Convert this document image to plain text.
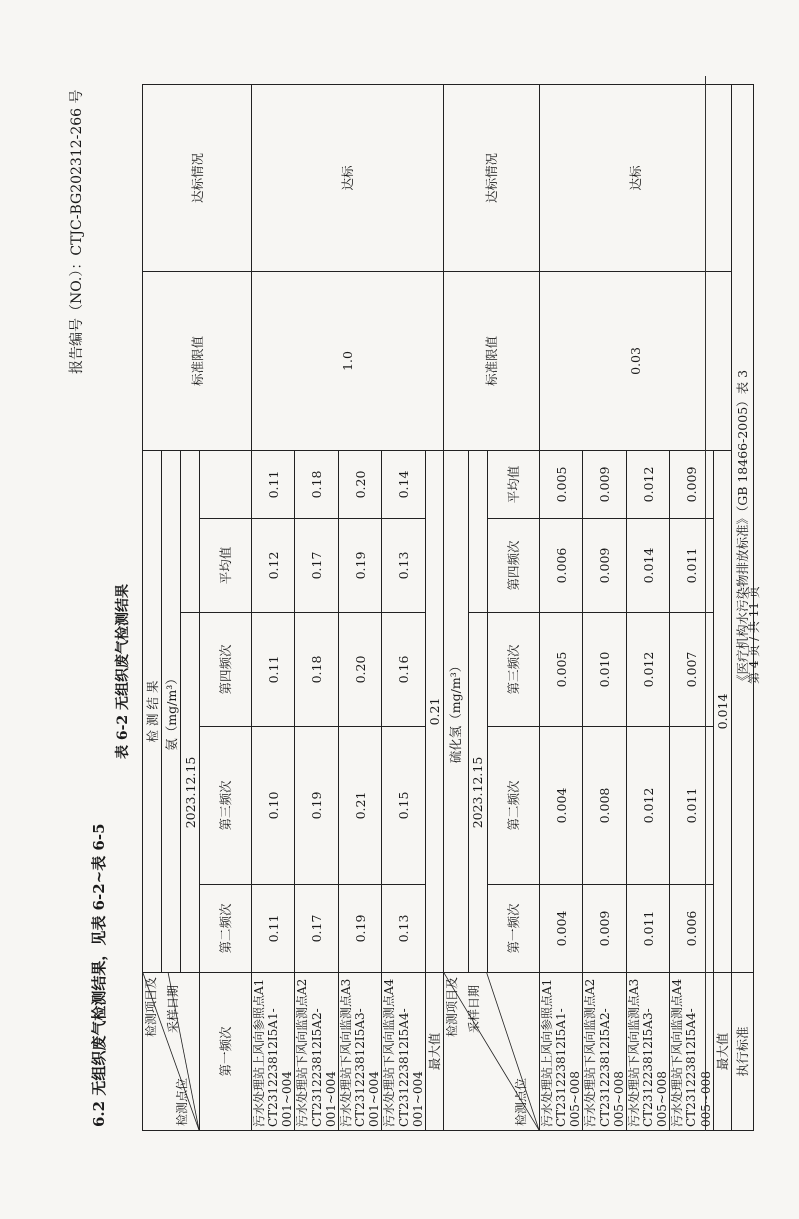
报告编号（NO.）：CTJC-BG202312-266 号
6.2 无组织废气检测结果，见表 6-2~表 6-5
表 6-2 无组织废气检测结果
检测项目及 采样日期
检测点位	检 测 结 果					标准限值	达标情况
	氨（mg/m³）						
	2023.12.15						
第一频次	第二频次	第三频次	第四频次	平均值			

污水处理站上风向参照点A1 CT231223812I5A1-001~004	0.11	0.10	0.11	0.12	0.11	1.0	达标

污水处理站下风向监测点A2 CT231223812I5A2-001~004	0.17	0.19	0.18	0.17	0.18		

污水处理站下风向监测点A3 CT231223812I5A3-001~004	0.19	0.21	0.20	0.19	0.20		

污水处理站下风向监测点A4 CT231223812I5A4-001~004	0.13	0.15	0.16	0.13	0.14		
最大值	0.21						

检测项目及 采样日期
检测点位	硫化氢（mg/m³）					标准限值	达标情况
	2023.12.15						
	第一频次	第二频次	第三频次	第四频次	平均值		

污水处理站上风向参照点A1 CT231223812I5A1-005~008	0.004	0.004	0.005	0.006	0.005	0.03	达标

污水处理站下风向监测点A2 CT231223812I5A2-005~008	0.009	0.008	0.010	0.009	0.009		

污水处理站下风向监测点A3 CT231223812I5A3-005~008	0.011	0.012	0.012	0.014	0.012		

污水处理站下风向监测点A4 CT231223812I5A4-005~008	0.006	0.011	0.007	0.011	0.009		
最大值	0.014						
执行标准	《医疗机构水污染物排放标准》（GB 18466-2005）表 3						
第 4 页 / 共 11 页
